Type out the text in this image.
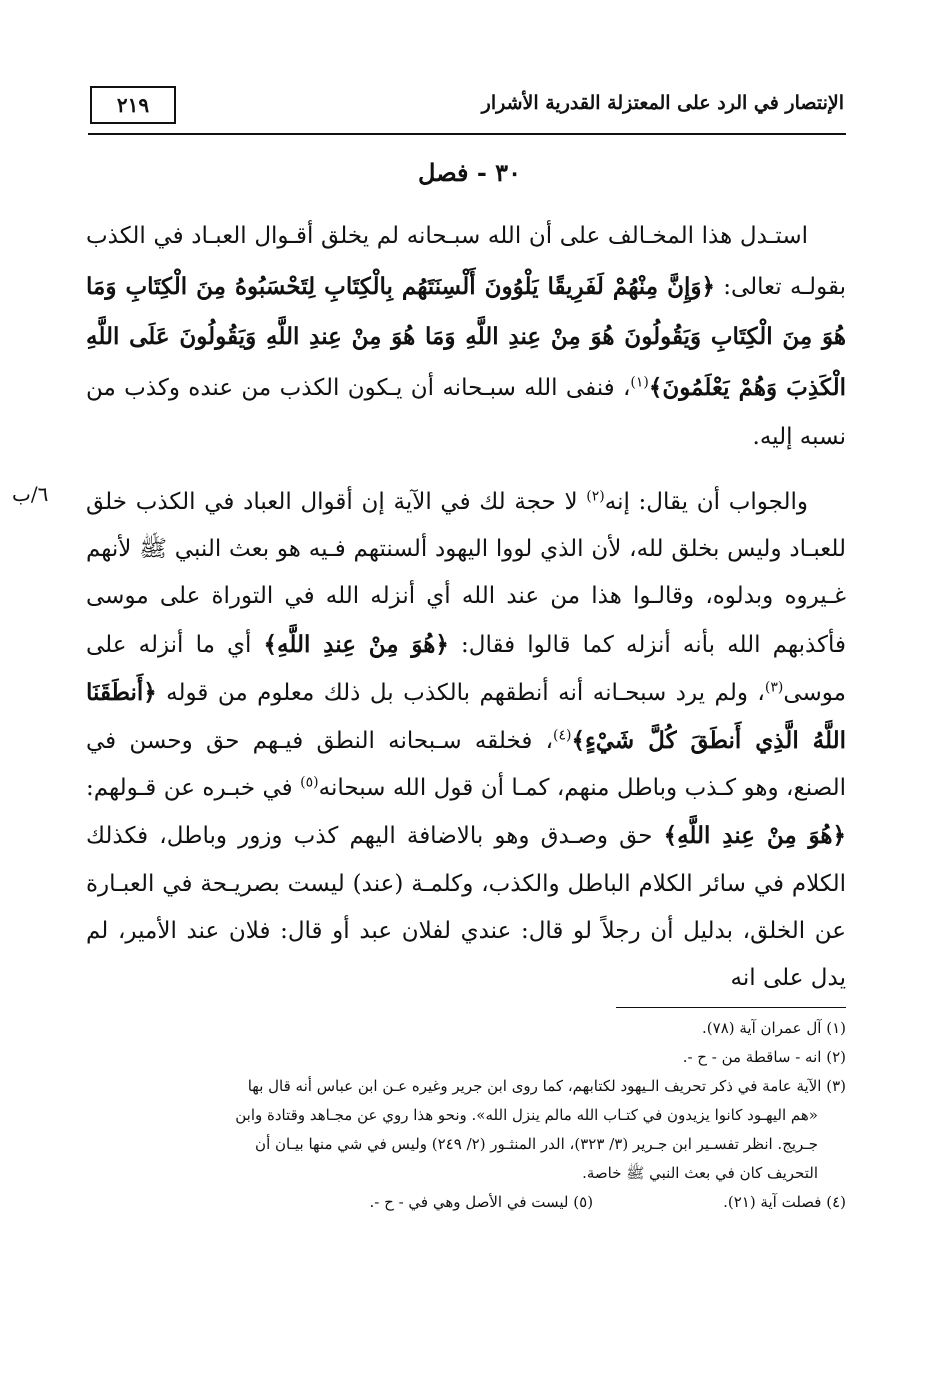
الإنتصار في الرد على المعتزلة القدرية الأشرار
٢١٩
٣٠ - فصل

استـدل هذا المخـالف على أن الله سبـحانه لم يخلق أقـوال العبـاد في الكذب بقولـه تعالى: ﴿وَإِنَّ مِنْهُمْ لَفَرِيقًا يَلْوُونَ أَلْسِنَتَهُم بِالْكِتَابِ لِتَحْسَبُوهُ مِنَ الْكِتَابِ وَمَا هُوَ مِنَ الْكِتَابِ وَيَقُولُونَ هُوَ مِنْ عِندِ اللَّهِ وَمَا هُوَ مِنْ عِندِ اللَّهِ وَيَقُولُونَ عَلَى اللَّهِ الْكَذِبَ وَهُمْ يَعْلَمُونَ﴾$^{(١)}$، فنفى الله سبـحانه أن يـكون الكذب من عنده وكذب من نسبه إليه.

٦/ب	والجواب أن يقال: إنه$^{(٢)}$ لا حجة لك في الآية إن أقوال العباد في الكذب خلق للعبـاد وليس بخلق لله، لأن الذي لووا اليهود ألسنتهم فـيه هو بعث النبي ﷺ لأنهم غـيروه وبدلوه، وقالـوا هذا من عند الله أي أنزله الله في التوراة على موسى فأكذبهم الله بأنه أنزله كما قالوا فقال: ﴿هُوَ مِنْ عِندِ اللَّهِ﴾ أي ما أنزله على موسى$^{(٣)}$، ولم يرد سبحـانه أنه أنطقهم بالكذب بل ذلك معلوم من قوله ﴿أَنطَقَنَا اللَّهُ الَّذِي أَنطَقَ كُلَّ شَيْءٍ﴾$^{(٤)}$، فخلقه سـبحانه النطق فيـهم حق وحسن في الصنع، وهو كـذب وباطل منهم، كمـا أن قول الله سبحانه$^{(٥)}$ في خبـره عن قـولهم: ﴿هُوَ مِنْ عِندِ اللَّهِ﴾ حق وصـدق وهو بالاضافة اليهم كذب وزور وباطل، فكذلك الكلام في سائر الكلام الباطل والكذب، وكلمـة (عند) ليست بصريـحة في العبـارة عن الخلق، بدليل أن رجلاً لو قال: عندي لفلان عبد أو قال: فلان عند الأمير، لم يدل على انه

(١) آل عمران آية (٧٨).

(٢) انه - ساقطة من - ح -.

(٣) الآية عامة في ذكر تحريف الـيهود لكتابهم، كما روى ابن جرير وغيره عـن ابن عباس أنه قال بها

«هم اليهـود كانوا يزيدون في كتـاب الله مالم ينزل الله». ونحو هذا روي عن مجـاهد وقتادة وابن

جـريج. انظر تفسـير ابن جـرير (٣/ ٣٢٣)، الدر المنثـور (٢/ ٢٤٩) وليس في شي منها بيـان أن

التحريف كان في بعث النبي ﷺ خاصة.

(٤) فصلت آية (٢١).
(٥) ليست في الأصل وهي في - ح -.
